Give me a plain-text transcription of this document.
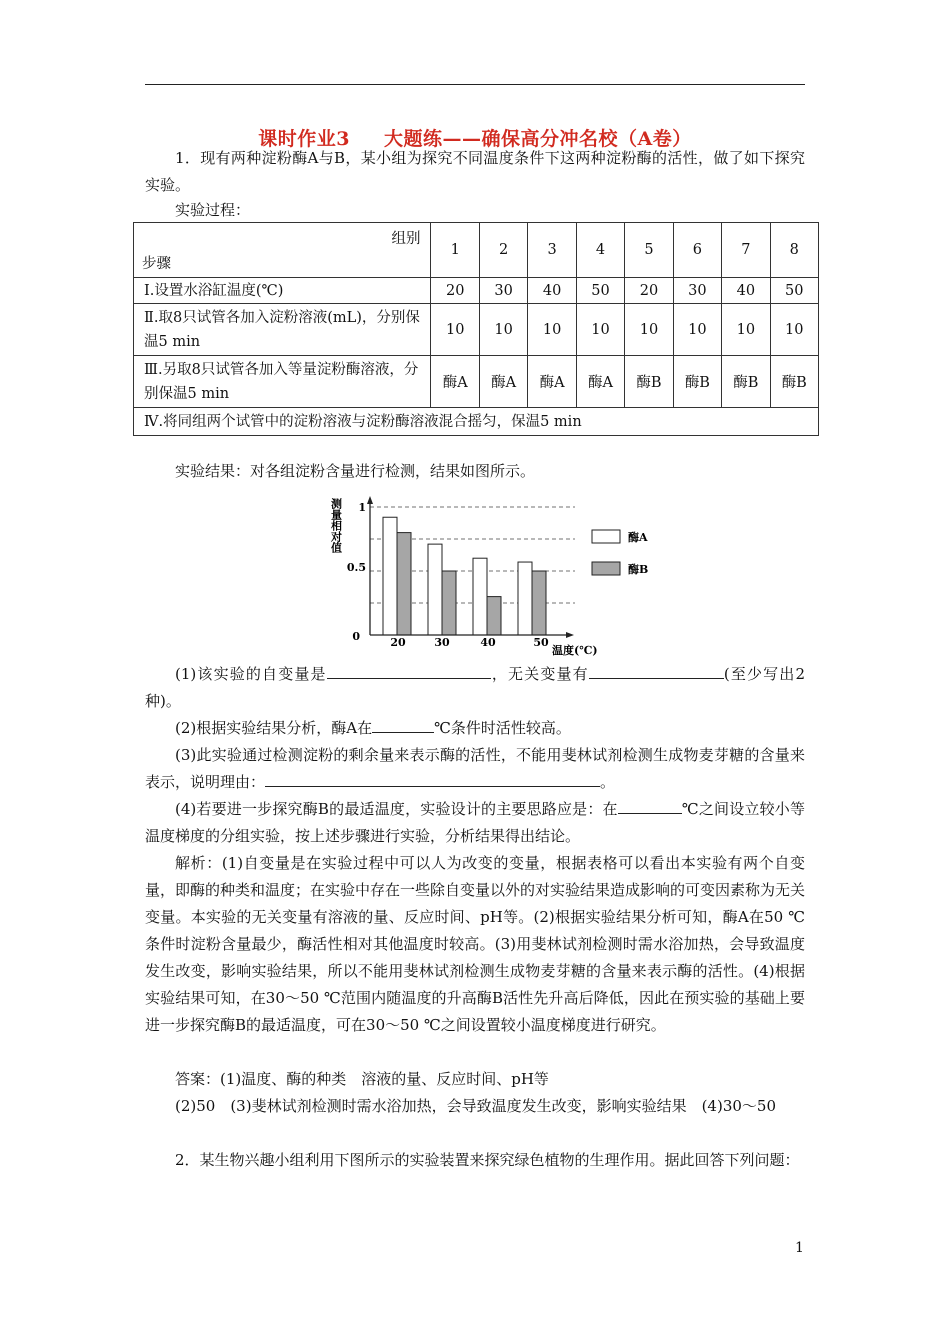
课时作业3 大题练——确保高分冲名校（A卷）
1．现有两种淀粉酶A与B，某小组为探究不同温度条件下这两种淀粉酶的活性，做了如下探究实验。
实验过程：
组别
步骤	1	2	3	4	5	6	7	8
Ⅰ.设置水浴缸温度(℃)	20	30	40	50	20	30	40	50
Ⅱ.取8只试管各加入淀粉溶液(mL)，分别保温5 min	10	10	10	10	10	10	10	10
Ⅲ.另取8只试管各加入等量淀粉酶溶液，分别保温5 min	酶A	酶A	酶A	酶A	酶B	酶B	酶B	酶B
Ⅳ.将同组两个试管中的淀粉溶液与淀粉酶溶液混合摇匀，保温5 min								
实验结果：对各组淀粉含量进行检测，结果如图所示。
1
0.5
0	20	30	40	50
温度(℃)
测量相对值	酶A
酶B
(1)该实验的自变量是	，无关变量有	(至少写出2种)。
(2)根据实验结果分析，酶A在	℃条件时活性较高。
(3)此实验通过检测淀粉的剩余量来表示酶的活性，不能用斐林试剂检测生成物麦芽糖的含量来表示，说明理由：	。
(4)若要进一步探究酶B的最适温度，实验设计的主要思路应是：在	℃之间设立较小等温度梯度的分组实验，按上述步骤进行实验，分析结果得出结论。
解析：(1)自变量是在实验过程中可以人为改变的变量，根据表格可以看出本实验有两个自变量，即酶的种类和温度；在实验中存在一些除自变量以外的对实验结果造成影响的可变因素称为无关变量。本实验的无关变量有溶液的量、反应时间、pH等。(2)根据实验结果分析可知，酶A在50 ℃条件时淀粉含量最少，酶活性相对其他温度时较高。(3)用斐林试剂检测时需水浴加热，会导致温度发生改变，影响实验结果，所以不能用斐林试剂检测生成物麦芽糖的含量来表示酶的活性。(4)根据实验结果可知，在30～50 ℃范围内随温度的升高酶B活性先升高后降低，因此在预实验的基础上要进一步探究酶B的最适温度，可在30～50 ℃之间设置较小温度梯度进行研究。
答案：(1)温度、酶的种类　溶液的量、反应时间、pH等
(2)50　(3)斐林试剂检测时需水浴加热，会导致温度发生改变，影响实验结果　(4)30～50
2．某生物兴趣小组利用下图所示的实验装置来探究绿色植物的生理作用。据此回答下列问题：
1
